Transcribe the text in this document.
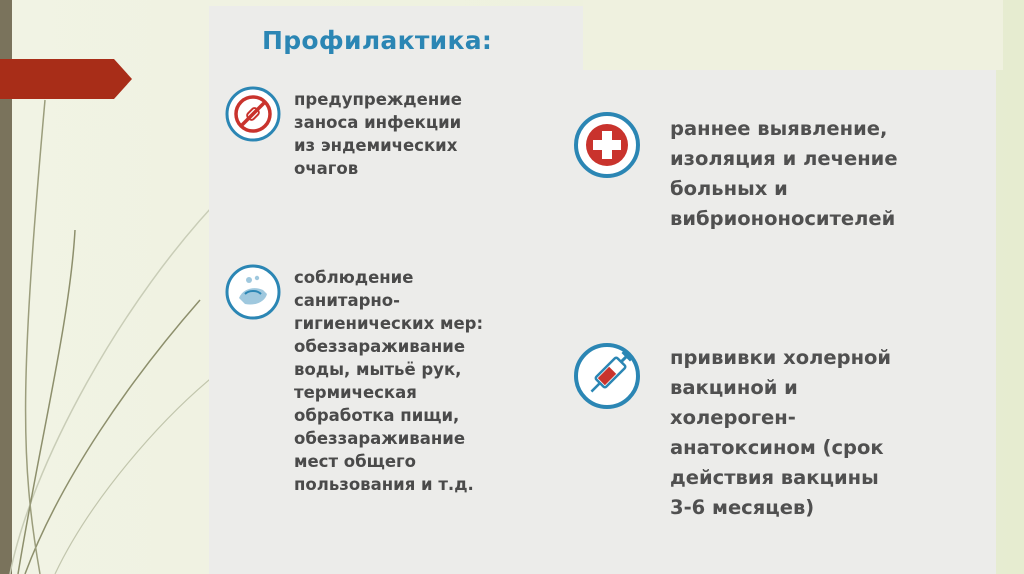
Профилактика:
предупреждение
заноса инфекции
из эндемических
очагов
раннее выявление,
изоляция и лечение
больных и
вибриононосителей
соблюдение
санитарно-
гигиенических мер:
обеззараживание
воды, мытьё рук,
термическая
обработка пищи,
обеззараживание
мест общего
пользования и т.д.
прививки холерной
вакциной и
холероген-
анатоксином (срок
действия вакцины
3-6 месяцев)
